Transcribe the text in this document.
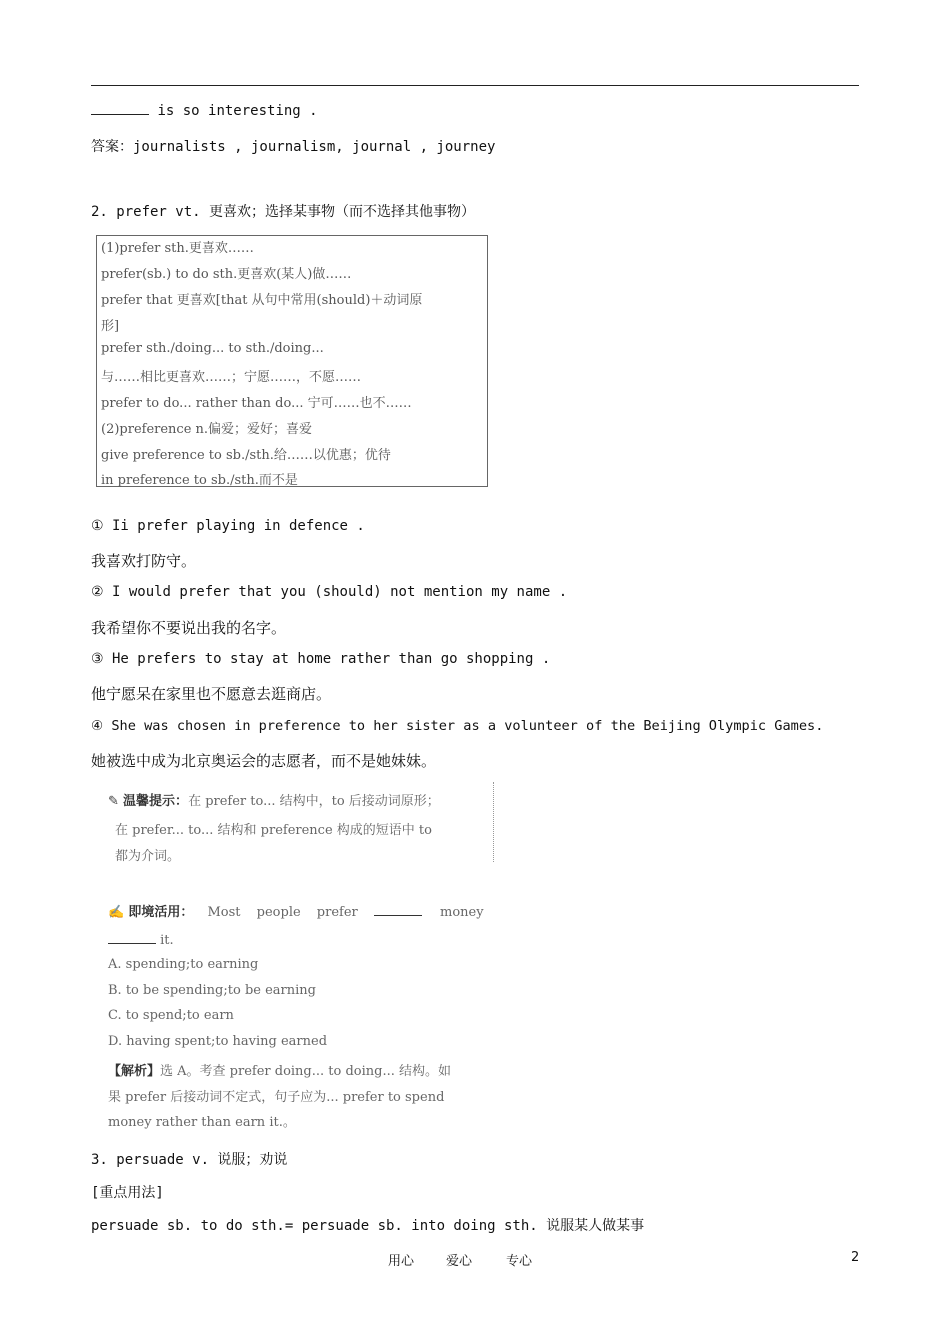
is so interesting .
答案：journalists , journalism, journal , journey
2. prefer vt. 更喜欢；选择某事物（而不选择其他事物）
(1)prefer sth.更喜欢……
prefer(sb.) to do sth.更喜欢(某人)做……
prefer that 更喜欢[that 从句中常用(should)＋动词原
形]
prefer sth./doing... to sth./doing...
与……相比更喜欢……；宁愿……，不愿……
prefer to do... rather than do... 宁可……也不……
(2)preference n.偏爱；爱好；喜爱
give preference to sb./sth.给……以优惠；优待
in preference to sb./sth.而不是
① Ii prefer playing in defence .
我喜欢打防守。
② I would prefer that you (should) not mention my name .
我希望你不要说出我的名字。
③ He prefers to stay at home rather than go shopping .
他宁愿呆在家里也不愿意去逛商店。
④ She was chosen in preference to her sister as a volunteer of the Beijing Olympic Games.
她被选中成为北京奥运会的志愿者，而不是她妹妹。
✎ 温馨提示：在 prefer to... 结构中，to 后接动词原形；
在 prefer... to... 结构和 preference 构成的短语中 to
都为介词。
✍ 即境活用： Most people prefer	money
it.
A. spending;to earning
B. to be spending;to be earning
C. to spend;to earn
D. having spent;to having earned
【解析】选 A。考查 prefer doing... to doing... 结构。如
果 prefer 后接动词不定式，句子应为... prefer to spend
money rather than earn it.。
3. persuade v. 说服；劝说
[重点用法]
persuade sb. to do sth.= persuade sb. into doing sth. 说服某人做某事
用心 爱心	专心	2
